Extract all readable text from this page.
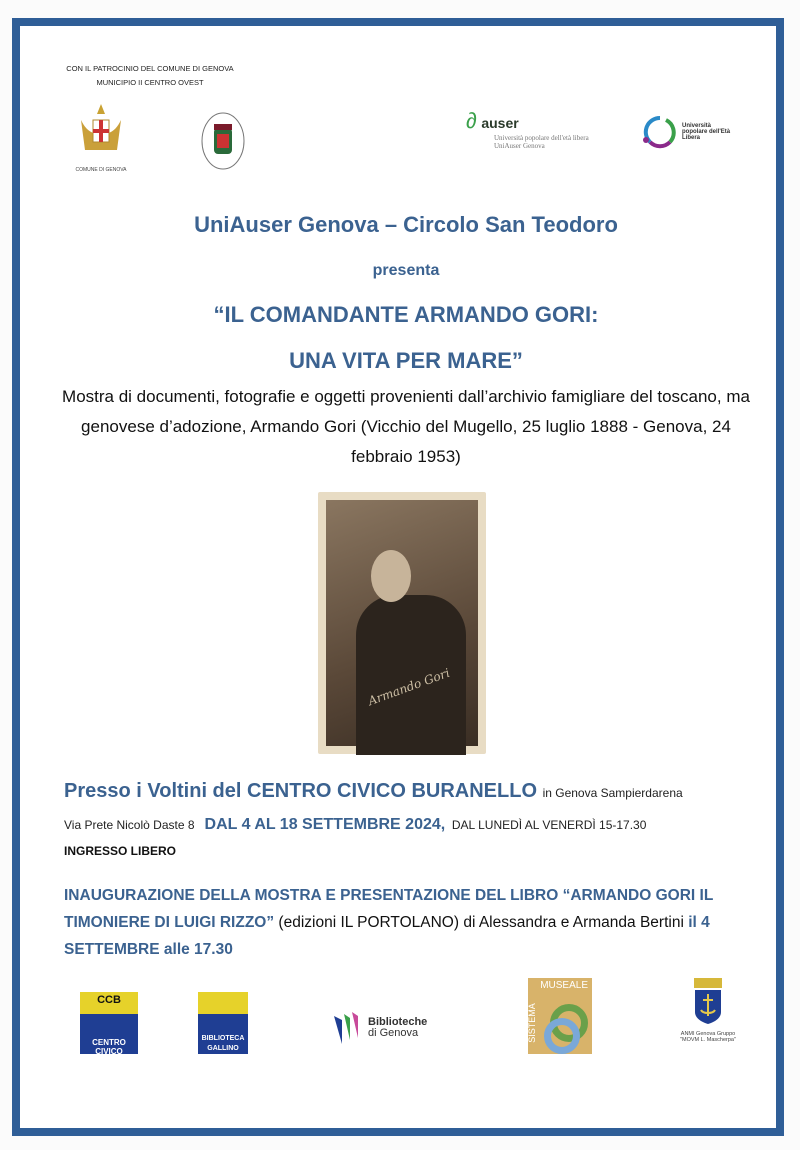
CON IL PATROCINIO DEL COMUNE DI GENOVA
MUNICIPIO II CENTRO OVEST
COMUNE DI GENOVA
∂ auser
Università popolare dell'età libera
UniAuser Genova
Università popolare dell'Età Libera
UniAuser Genova – Circolo San Teodoro
presenta
“IL COMANDANTE ARMANDO GORI:
UNA VITA PER MARE”
Mostra di documenti, fotografie e oggetti provenienti dall’archivio famigliare del toscano, ma genovese d’adozione, Armando Gori (Vicchio del Mugello, 25 luglio 1888 - Genova, 24 febbraio 1953)
Armando Gori
Presso i Voltini del CENTRO CIVICO BURANELLO in Genova Sampierdarena
Via Prete Nicolò Daste 8 DAL 4 AL 18 SETTEMBRE 2024, DAL LUNEDÌ AL VENERDÌ 15-17.30
INGRESSO LIBERO
INAUGURAZIONE DELLA MOSTRA E PRESENTAZIONE DEL LIBRO “ARMANDO GORI IL TIMONIERE DI LUIGI RIZZO” (edizioni IL PORTOLANO) di Alessandra e Armanda Bertini il 4 SETTEMBRE alle 17.30
CCB
CENTRO CIVICO BURANELLO
BIBLIOTECA GALLINO
Biblioteche
di Genova
MUSEALE
SISTEMA	ANMI Genova Gruppo "MOVM L. Mascherpa"
